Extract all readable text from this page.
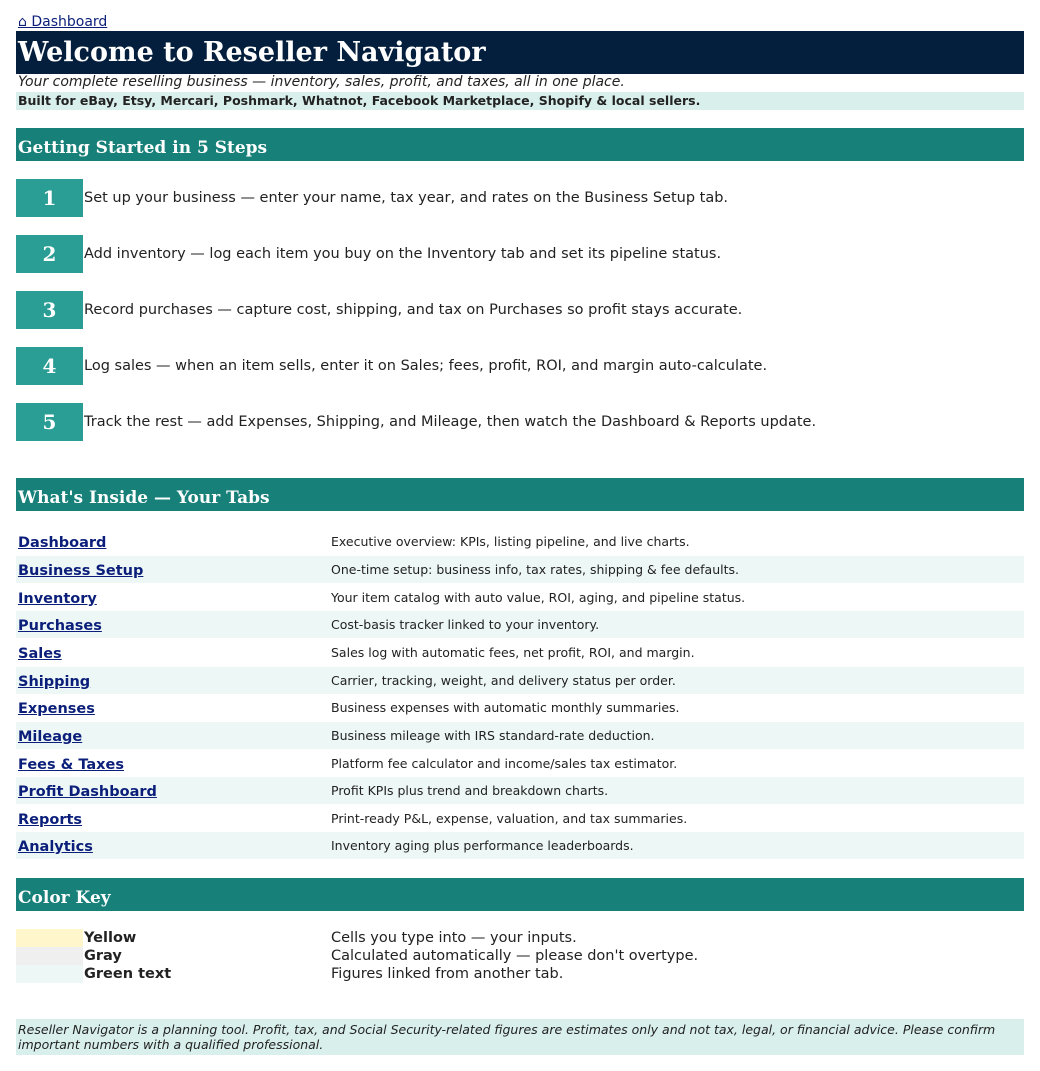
⌂ Dashboard
Welcome to Reseller Navigator
Your complete reselling business — inventory, sales, profit, and taxes, all in one place.
Built for eBay, Etsy, Mercari, Poshmark, Whatnot, Facebook Marketplace, Shopify & local sellers.
Getting Started in 5 Steps
1	Set up your business — enter your name, tax year, and rates on the Business Setup tab.
2	Add inventory — log each item you buy on the Inventory tab and set its pipeline status.
3	Record purchases — capture cost, shipping, and tax on Purchases so profit stays accurate.
4	Log sales — when an item sells, enter it on Sales; fees, profit, ROI, and margin auto-calculate.
5	Track the rest — add Expenses, Shipping, and Mileage, then watch the Dashboard & Reports update.
What's Inside — Your Tabs
Dashboard	Executive overview: KPIs, listing pipeline, and live charts.
Business Setup	One-time setup: business info, tax rates, shipping & fee defaults.
Inventory	Your item catalog with auto value, ROI, aging, and pipeline status.
Purchases	Cost-basis tracker linked to your inventory.
Sales	Sales log with automatic fees, net profit, ROI, and margin.
Shipping	Carrier, tracking, weight, and delivery status per order.
Expenses	Business expenses with automatic monthly summaries.
Mileage	Business mileage with IRS standard-rate deduction.
Fees & Taxes	Platform fee calculator and income/sales tax estimator.
Profit Dashboard	Profit KPIs plus trend and breakdown charts.
Reports	Print-ready P&L, expense, valuation, and tax summaries.
Analytics	Inventory aging plus performance leaderboards.
Color Key
Yellow	Cells you type into — your inputs.
Gray	Calculated automatically — please don't overtype.
Green text	Figures linked from another tab.
Reseller Navigator is a planning tool. Profit, tax, and Social Security-related figures are estimates only and not tax, legal, or financial advice. Please confirm important numbers with a qualified professional.
